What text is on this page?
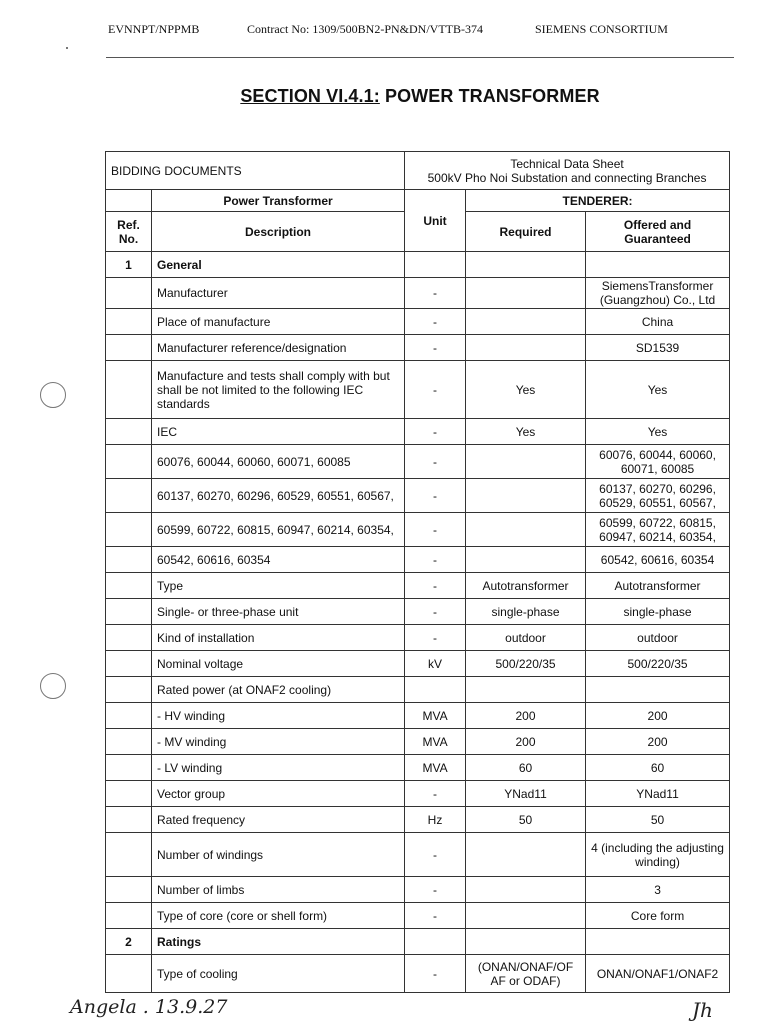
EVNNPT/NPPMB	Contract No: 1309/500BN2-PN&DN/VTTB-374	SIEMENS CONSORTIUM
SECTION VI.4.1: POWER TRANSFORMER
BIDDING DOCUMENTS		Technical Data Sheet
500kV Pho Noi Substation and connecting Branches		

	Power Transformer	Unit	TENDERER:	
Ref. No.	Description		Required	Offered and Guaranteed
1	General			
	Manufacturer	-		SiemensTransformer (Guangzhou) Co., Ltd
	Place of manufacture	-		China
	Manufacturer reference/designation	-		SD1539
	Manufacture and tests shall comply with but shall be not limited to the following IEC standards	-	Yes	Yes
	IEC	-	Yes	Yes
	60076, 60044, 60060, 60071, 60085	-		60076, 60044, 60060, 60071, 60085
	60137, 60270, 60296, 60529, 60551, 60567,	-		60137, 60270, 60296, 60529, 60551, 60567,
	60599, 60722, 60815, 60947, 60214, 60354,	-		60599, 60722, 60815, 60947, 60214, 60354,
	60542, 60616, 60354	-		60542, 60616, 60354
	Type	-	Autotransformer	Autotransformer
	Single- or three-phase unit	-	single-phase	single-phase
	Kind of installation	-	outdoor	outdoor
	Nominal voltage	kV	500/220/35	500/220/35
	Rated power (at ONAF2 cooling)			
	- HV winding	MVA	200	200
	- MV winding	MVA	200	200
	- LV winding	MVA	60	60
	Vector group	-	YNad11	YNad11
	Rated frequency	Hz	50	50
	Number of windings	-		4 (including the adjusting winding)
	Number of limbs	-		3
	Type of core (core or shell form)	-		Core form
2	Ratings			
	Type of cooling	-	(ONAN/ONAF/OF AF or ODAF)	ONAN/ONAF1/ONAF2
Angela . 13.9.27	Jh
